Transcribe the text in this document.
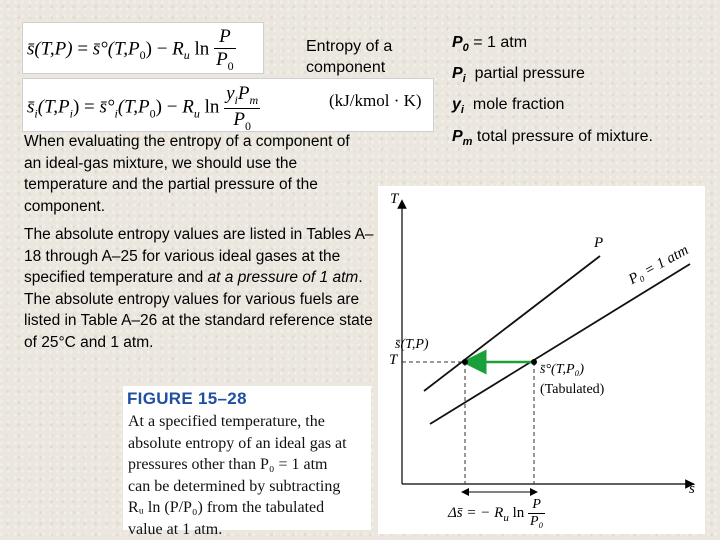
s̄(T,P) = $s̄^\circ(T,P_0) - R_u$ $\ln \frac{P}{P_0}$	Entropy of a component
$s̄_i(T,P_i)$ = $s̄^\circ_i(T,P_0) - R_u$ $\ln \frac{y_iP_m}{P_0}$	(kJ/kmol · K)
When evaluating the entropy of a component of an ideal-gas mixture, we should use the temperature and the partial pressure of the component.
The absolute entropy values are listed in Tables A–18 through A–25 for various ideal gases at the specified temperature and at a pressure of 1 atm. The absolute entropy values for various fuels are listed in Table A–26 at the standard reference state of 25°C and 1 atm.
$P_0 = 1$ atm
$P_i$  partial pressure
$y_i$  mole fraction
$P_m$ total pressure of mixture.
FIGURE 15–28
At a specified temperature, the
absolute entropy of an ideal gas at
pressures other than P₀ = 1 atm
can be determined by subtracting
Rᵤ ln (P/P₀) from the tabulated
value at 1 atm.
T
s̄
T
P P₀ = 1 atm
s̄(T,P)
s̄°(T,P₀)
(Tabulated)
Δs̄ = − $R_u$ $\ln \frac{P}{\text{P₀}}$
